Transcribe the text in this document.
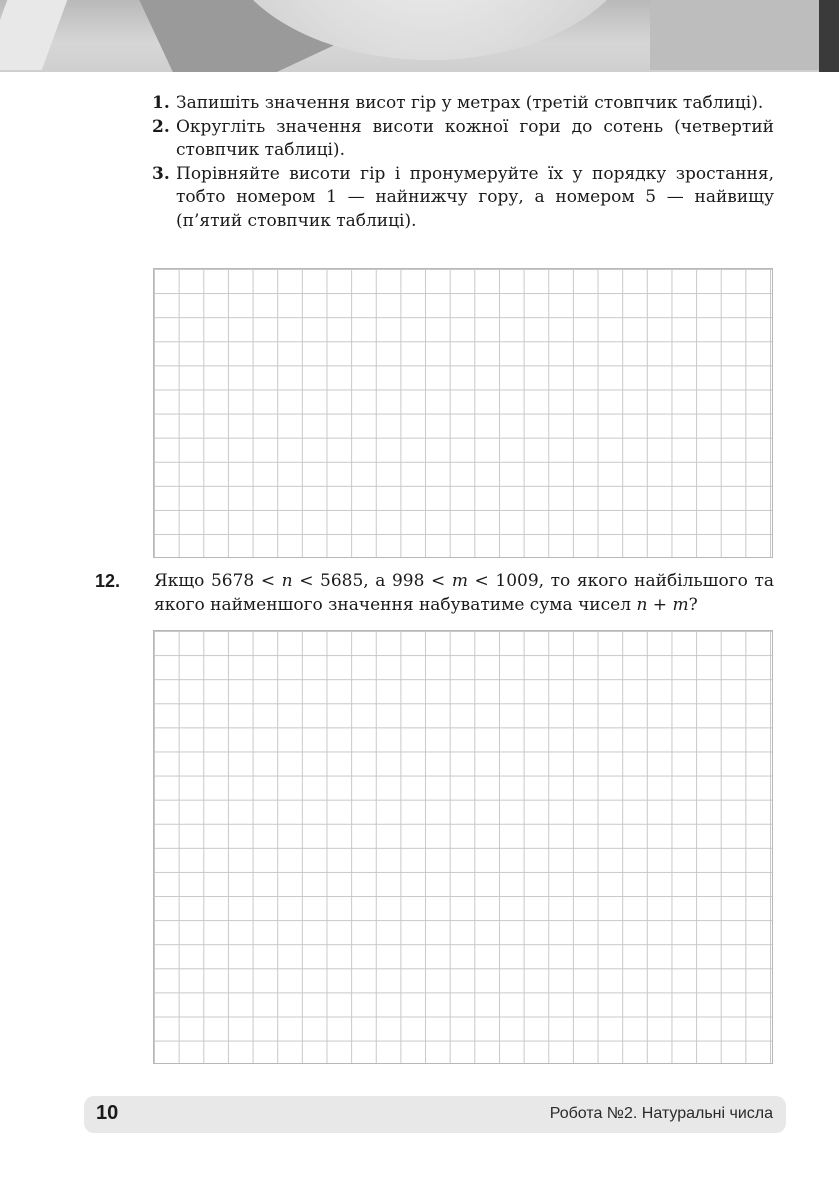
1. Запишіть значення висот гір у метрах (третій стовпчик таблиці).
2. Округліть значення висоти кожної гори до сотень (четвертий стовпчик таблиці).
3. Порівняйте висоти гір і пронумеруйте їх у порядку зростання, тобто номером 1 — найнижчу гору, а номером 5 — найвищу (п’ятий стовпчик таблиці).
12. Якщо 5678 < n < 5685, а 998 < m < 1009, то якого найбільшого та якого найменшого значення набуватиме сума чисел n + m?
10	Робота №2. Натуральні числа
